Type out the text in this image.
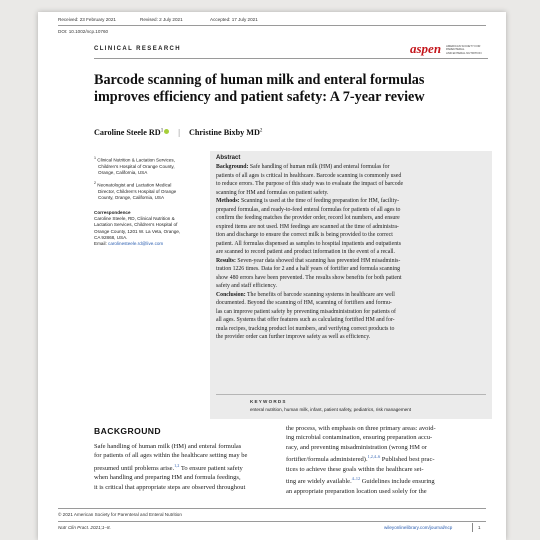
Received: 23 February 2021	Revised: 2 July 2021	Accepted: 17 July 2021
DOI: 10.1002/ncp.10760
CLINICAL RESEARCH	aspen AMERICAN SOCIETY FOR PARENTERAL
AND ENTERAL NUTRITION
Barcode scanning of human milk and enteral formulas
improves efficiency and patient safety: A 7-year review
Caroline Steele $RD^1$ | Christine Bixby $MD^2$
$^1$ Clinical Nutrition & Lactation Services,
Children's Hospital of Orange County,
Orange, California, USA
$^2$ Neonatologist and Lactation Medical
Director, Children's Hospital of Orange
County, Orange, California, USA
Correspondence
Caroline Steele, RD, Clinical Nutrition &
Lactation Services, Children's Hospital of
Orange County, 1201 W. La Veta, Orange,
CA 92868, USA.
Email: carolinesteele.rd@live.com
Abstract
Background: Safe handling of human milk (HM) and enteral formulas for
patients of all ages is critical in healthcare. Barcode scanning is commonly used
to reduce errors. The purpose of this study was to evaluate the impact of barcode
scanning for HM and formulas on patient safety.
Methods: Scanning is used at the time of feeding preparation for HM, facility-
prepared formulas, and ready-to-feed enteral formulas for patients of all ages to
confirm the feeding matches the provider order, record lot numbers, and ensure
expired items are not used. HM feedings are scanned at the time of administra-
tion and discharge to ensure the correct milk is being provided to the correct
patient. All formulas dispensed as samples to hospital inpatients and outpatients
are scanned to record patient and product information in the event of a recall.
Results: Seven-year data showed that scanning has prevented HM misadminis-
tration 1226 times. Data for 2 and a half years of fortifier and formula scanning
show 480 errors have been prevented. The results show benefits for both patient
safety and staff efficiency.
Conclusion: The benefits of barcode scanning systems in healthcare are well
documented. Beyond the scanning of HM, scanning of fortifiers and formu-
las can improve patient safety by preventing misadministration for patients of
all ages. Systems that offer features such as calculating fortified HM and for-
mula recipes, tracking product lot numbers, and verifying correct products to
the provider order can further improve safety as well as efficiency.
KEYWORDS
enteral nutrition, human milk, infant, patient safety, pediatrics, risk management
BACKGROUND
Safe handling of human milk (HM) and enteral formulas
for patients of all ages within the healthcare setting may be
presumed until problems arise.$^{1,2}$ To ensure patient safety
when handling and preparing HM and formula feedings,
it is critical that appropriate steps are observed throughout
the process, with emphasis on three primary areas: avoid-
ing microbial contamination, ensuring preparation accu-
racy, and preventing misadministration (wrong HM or
fortifier/formula administered).$^{1,2,4-6}$ Published best prac-
tices to achieve these goals within the healthcare set-
ting are widely available.$^{4-12}$ Guidelines include ensuring
an appropriate preparation location used solely for the
© 2021 American Society for Parenteral and Enteral Nutrition
Nutr Clin Pract. 2021;1–8.	wileyonlinelibrary.com/journal/ncp	1
